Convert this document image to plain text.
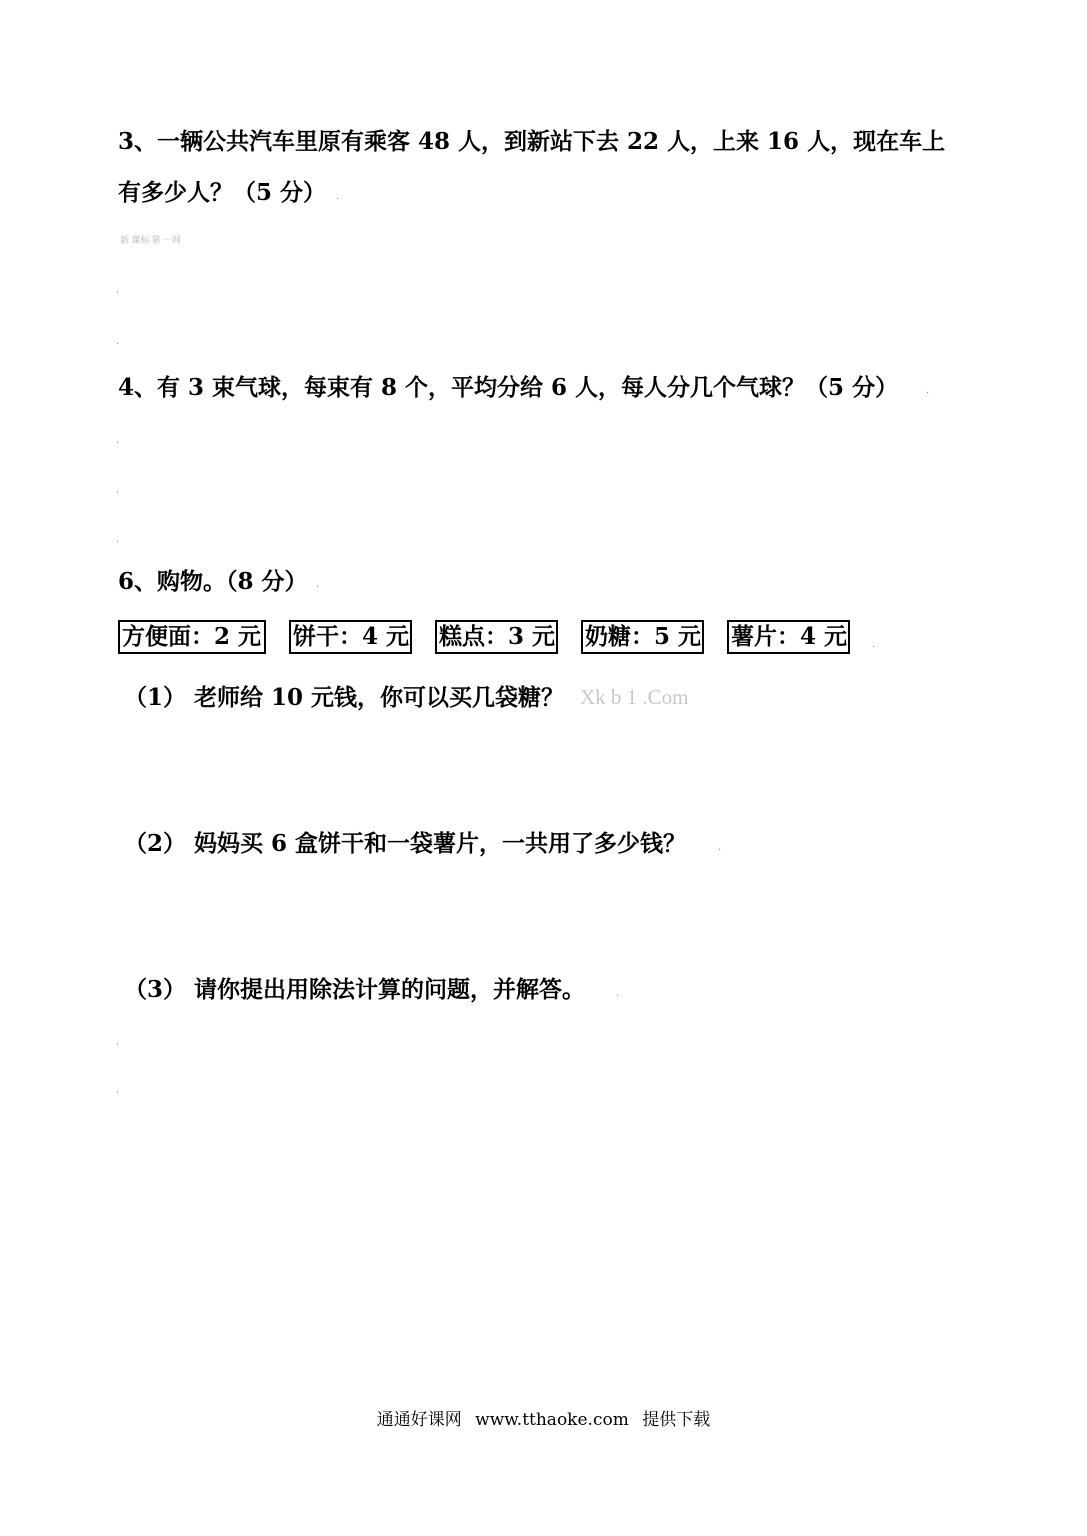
3、一辆公共汽车里原有乘客 48 人，到新站下去 22 人，上来 16 人，现在车上
有多少人？（5 分） .
新 课标 第 一网
.
.
4、有 3 束气球，每束有 8 个，平均分给 6 人，每人分几个气球？（5 分）	.
.
.
.
6、购物。（8 分） .
方便面：2 元 饼干：4 元 糕点：3 元 奶糖：5 元 薯片：4 元 .
（1） 老师给 10 元钱，你可以买几袋糖？ Xk b 1 .Com
（2） 妈妈买 6 盒饼干和一袋薯片，一共用了多少钱？	.
（3） 请你提出用除法计算的问题，并解答。	.
.
.
通通好课网 www.tthaoke.com 提供下载
